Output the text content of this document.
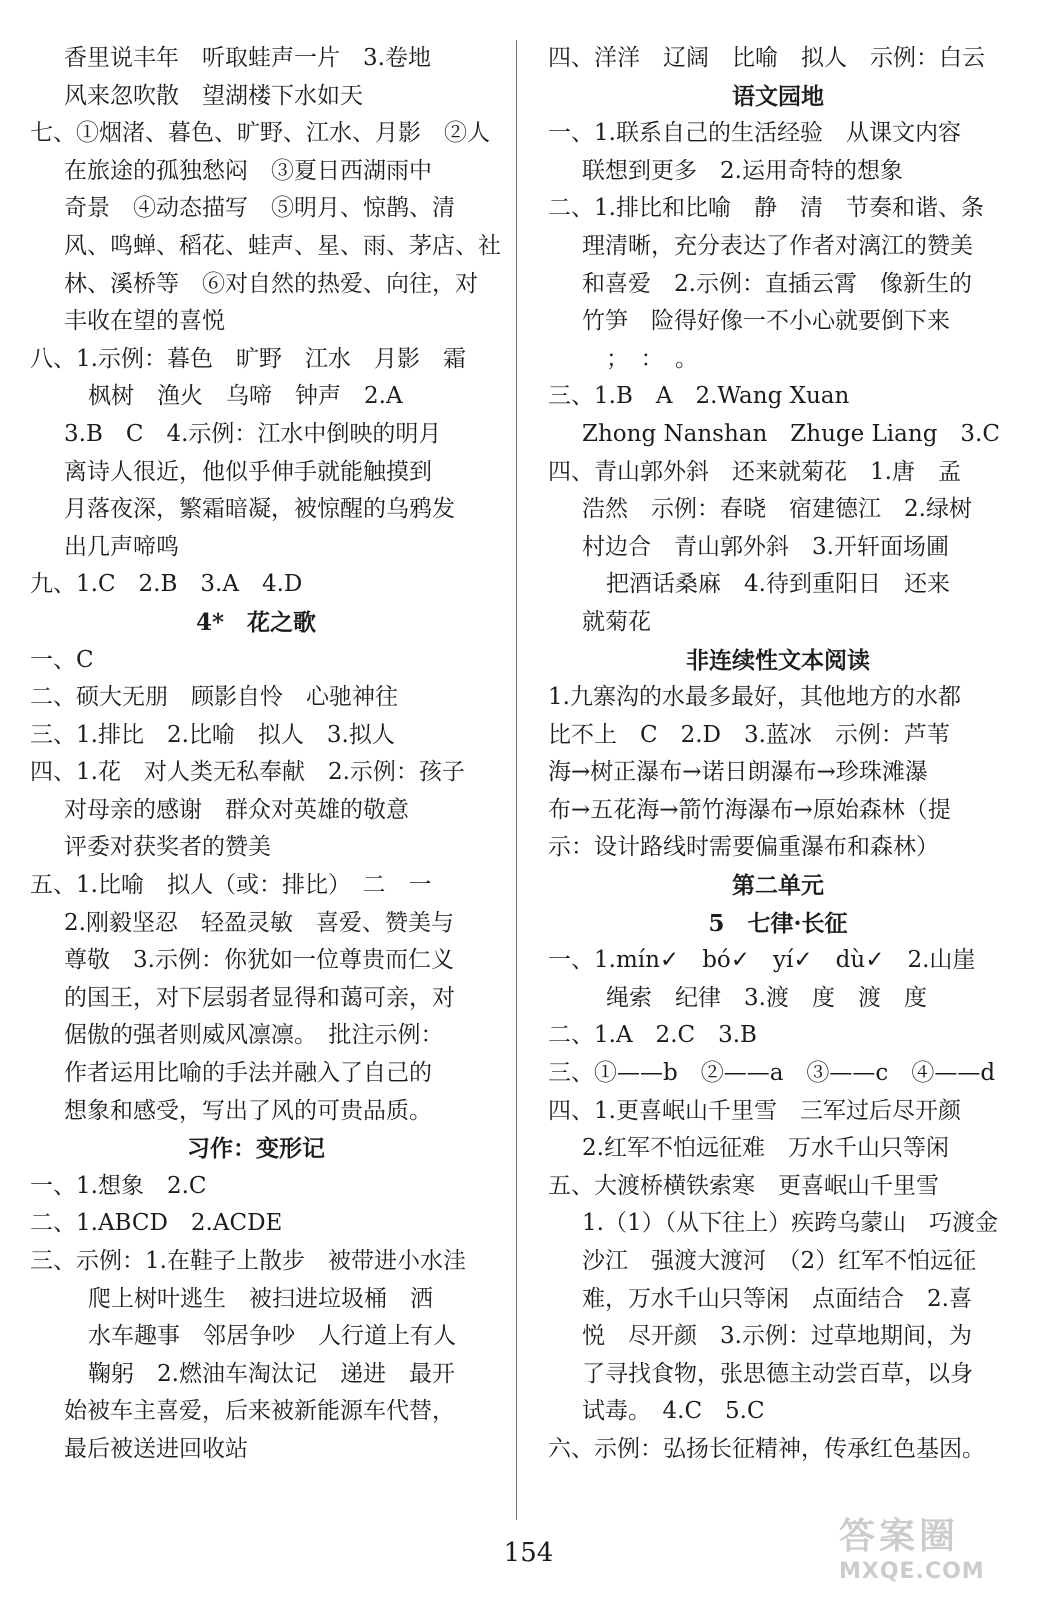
香里说丰年　听取蛙声一片　3.卷地
风来忽吹散　望湖楼下水如天
七、①烟渚、暮色、旷野、江水、月影　②人
在旅途的孤独愁闷　③夏日西湖雨中
奇景　④动态描写　⑤明月、惊鹊、清
风、鸣蝉、稻花、蛙声、星、雨、茅店、社
林、溪桥等　⑥对自然的热爱、向往，对
丰收在望的喜悦
八、1.示例：暮色　旷野　江水　月影　霜
枫树　渔火　乌啼　钟声　2.A
3.B　C　4.示例：江水中倒映的明月
离诗人很近，他似乎伸手就能触摸到
月落夜深，繁霜暗凝，被惊醒的乌鸦发
出几声啼鸣
九、1.C　2.B　3.A　4.D
4*　花之歌
一、C
二、硕大无朋　顾影自怜　心驰神往
三、1.排比　2.比喻　拟人　3.拟人
四、1.花　对人类无私奉献　2.示例：孩子
对母亲的感谢　群众对英雄的敬意
评委对获奖者的赞美
五、1.比喻　拟人（或：排比）　二　一
2.刚毅坚忍　轻盈灵敏　喜爱、赞美与
尊敬　3.示例：你犹如一位尊贵而仁义
的国王，对下层弱者显得和蔼可亲，对
倨傲的强者则威风凛凛。　批注示例：
作者运用比喻的手法并融入了自己的
想象和感受，写出了风的可贵品质。
习作：变形记
一、1.想象　2.C
二、1.ABCD　2.ACDE
三、示例：1.在鞋子上散步　被带进小水洼
爬上树叶逃生　被扫进垃圾桶　洒
水车趣事　邻居争吵　人行道上有人
鞠躬　2.燃油车淘汰记　递进　最开
始被车主喜爱，后来被新能源车代替，
最后被送进回收站
四、洋洋　辽阔　比喻　拟人　示例：白云
语文园地
一、1.联系自己的生活经验　从课文内容
联想到更多　2.运用奇特的想象
二、1.排比和比喻　静　清　节奏和谐、条
理清晰，充分表达了作者对漓江的赞美
和喜爱　2.示例：直插云霄　像新生的
竹笋　险得好像一不小心就要倒下来
；　：　。
三、1.B　A　2.Wang Xuan
Zhong Nanshan　Zhuge Liang　3.C
四、青山郭外斜　还来就菊花　1.唐　孟
浩然　示例：春晓　宿建德江　2.绿树
村边合　青山郭外斜　3.开轩面场圃
把酒话桑麻　4.待到重阳日　还来
就菊花
非连续性文本阅读
1.九寨沟的水最多最好，其他地方的水都
比不上　C　2.D　3.蓝冰　示例：芦苇
海→树正瀑布→诺日朗瀑布→珍珠滩瀑
布→五花海→箭竹海瀑布→原始森林（提
示：设计路线时需要偏重瀑布和森林）
第二单元
5　七律·长征
一、1.mín✓　bó✓　yí✓　dù✓　2.山崖
绳索　纪律　3.渡　度　渡　度
二、1.A　2.C　3.B
三、①——b　②——a　③——c　④——d
四、1.更喜岷山千里雪　三军过后尽开颜
2.红军不怕远征难　万水千山只等闲
五、大渡桥横铁索寒　更喜岷山千里雪
1.（1）（从下往上）疾跨乌蒙山　巧渡金
沙江　强渡大渡河　（2）红军不怕远征
难，万水千山只等闲　点面结合　2.喜
悦　尽开颜　3.示例：过草地期间，为
了寻找食物，张思德主动尝百草，以身
试毒。　4.C　5.C
六、示例：弘扬长征精神，传承红色基因。
154	答案圈
MXQE.COM
